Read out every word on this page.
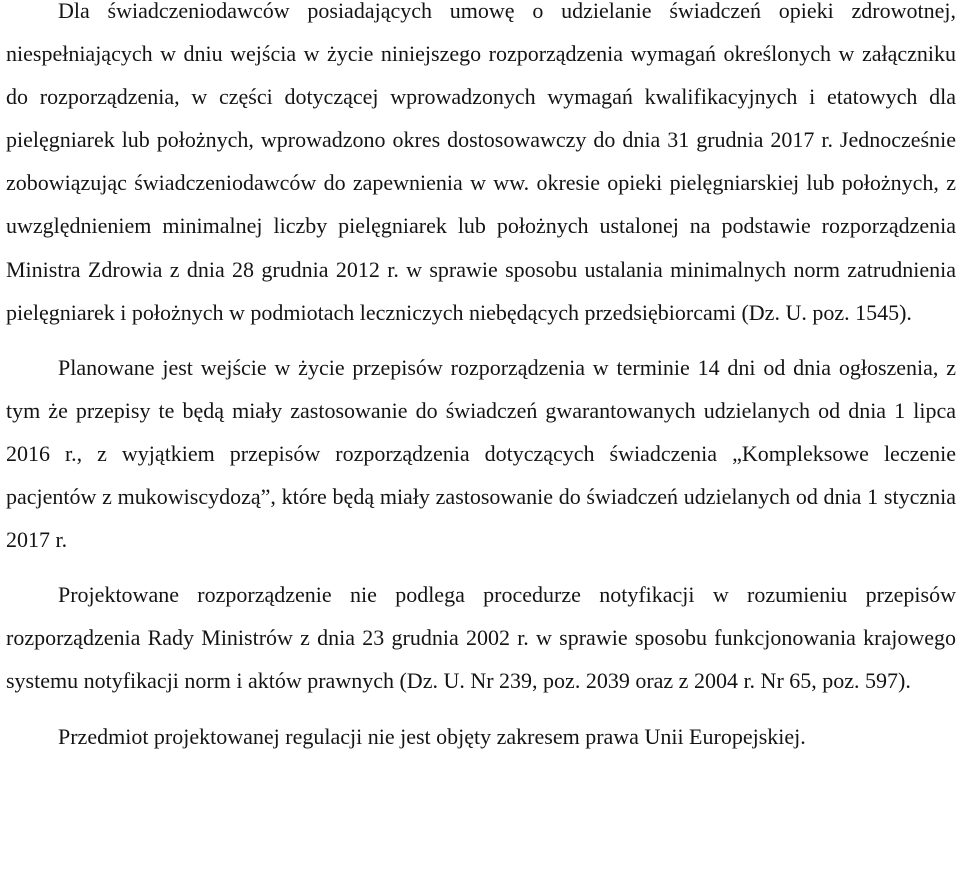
Dla świadczeniodawców posiadających umowę o udzielanie świadczeń opieki zdrowotnej, niespełniających w dniu wejścia w życie niniejszego rozporządzenia wymagań określonych w załączniku do rozporządzenia, w części dotyczącej wprowadzonych wymagań kwalifikacyjnych i etatowych dla pielęgniarek lub położnych, wprowadzono okres dostosowawczy do dnia 31 grudnia 2017 r. Jednocześnie zobowiązując świadczeniodawców do zapewnienia w ww. okresie opieki pielęgniarskiej lub położnych, z uwzględnieniem minimalnej liczby pielęgniarek lub położnych ustalonej na podstawie rozporządzenia Ministra Zdrowia z dnia 28 grudnia 2012 r. w sprawie sposobu ustalania minimalnych norm zatrudnienia pielęgniarek i położnych w podmiotach leczniczych niebędących przedsiębiorcami (Dz. U. poz. 1545).

Planowane jest wejście w życie przepisów rozporządzenia w terminie 14 dni od dnia ogłoszenia, z tym że przepisy te będą miały zastosowanie do świadczeń gwarantowanych udzielanych od dnia 1 lipca 2016 r., z wyjątkiem przepisów rozporządzenia dotyczących świadczenia „Kompleksowe leczenie pacjentów z mukowiscydozą”, które będą miały zastosowanie do świadczeń udzielanych od dnia 1 stycznia 2017 r.

Projektowane rozporządzenie nie podlega procedurze notyfikacji w rozumieniu przepisów rozporządzenia Rady Ministrów z dnia 23 grudnia 2002 r. w sprawie sposobu funkcjonowania krajowego systemu notyfikacji norm i aktów prawnych (Dz. U. Nr 239, poz. 2039 oraz z 2004 r. Nr 65, poz. 597).

Przedmiot projektowanej regulacji nie jest objęty zakresem prawa Unii Europejskiej.
